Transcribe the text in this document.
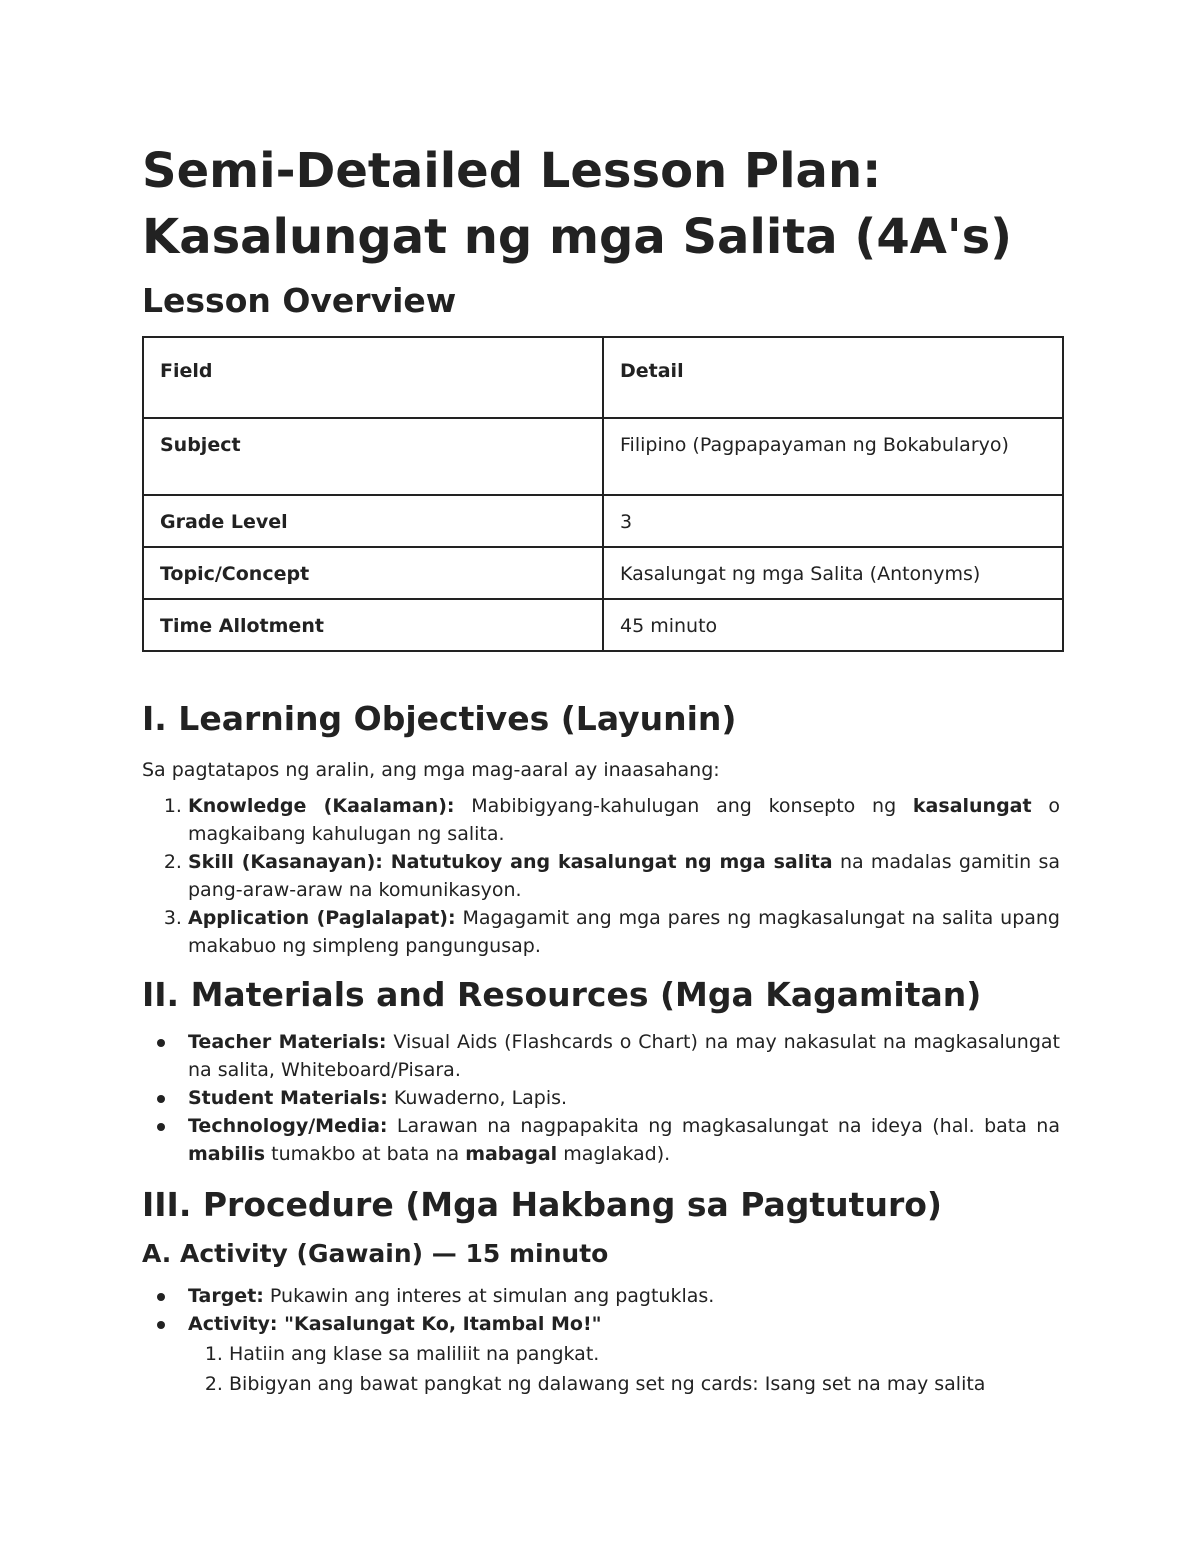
Semi-Detailed Lesson Plan:
Kasalungat ng mga Salita (4A's)
Lesson Overview
Field	Detail
Subject	Filipino (Pagpapayaman ng Bokabularyo)

Grade Level	3
Topic/Concept	Kasalungat ng mga Salita (Antonyms)
Time Allotment	45 minuto
I. Learning Objectives (Layunin)

Sa pagtatapos ng aralin, ang mga mag-aaral ay inaasahang:

1. Knowledge (Kaalaman): Mabibigyang-kahulugan ang konsepto ng kasalungat o magkaibang kahulugan ng salita.
2. Skill (Kasanayan): Natutukoy ang kasalungat ng mga salita na madalas gamitin sa pang-araw-araw na komunikasyon.
3. Application (Paglalapat): Magagamit ang mga pares ng magkasalungat na salita upang makabuo ng simpleng pangungusap.
II. Materials and Resources (Mga Kagamitan)
Teacher Materials: Visual Aids (Flashcards o Chart) na may nakasulat na magkasalungat na salita, Whiteboard/Pisara.
Student Materials: Kuwaderno, Lapis.
Technology/Media: Larawan na nagpapakita ng magkasalungat na ideya (hal. bata na mabilis tumakbo at bata na mabagal maglakad).
III. Procedure (Mga Hakbang sa Pagtuturo)
A. Activity (Gawain) — 15 minuto
Target: Pukawin ang interes at simulan ang pagtuklas.
Activity: "Kasalungat Ko, Itambal Mo!"
1. Hatiin ang klase sa maliliit na pangkat.
2. Bibigyan ang bawat pangkat ng dalawang set ng cards: Isang set na may salita
